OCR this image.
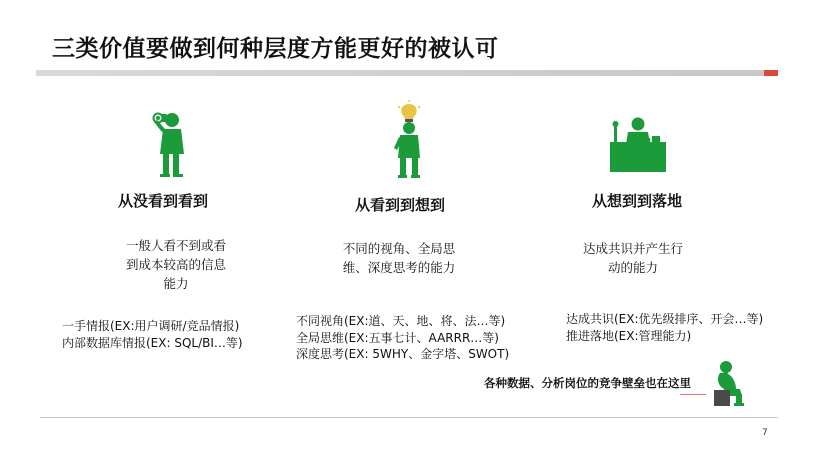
三类价值要做到何种层度方能更好的被认可
从没看到看到	从看到到想到	从想到到落地
一般人看不到或看
到成本较高的信息
能力
不同的视角、全局思
维、深度思考的能力
达成共识并产生行
动的能力
一手情报(EX:用户调研/竞品情报)
内部数据库情报(EX: SQL/BI…等)
不同视角(EX:道、天、地、将、法…等)
全局思维(EX:五事七计、AARRR…等)
深度思考(EX: 5WHY、金字塔、SWOT)
达成共识(EX:优先级排序、开会…等)
推进落地(EX:管理能力)
各种数据、分析岗位的竞争壁垒也在这里
7
